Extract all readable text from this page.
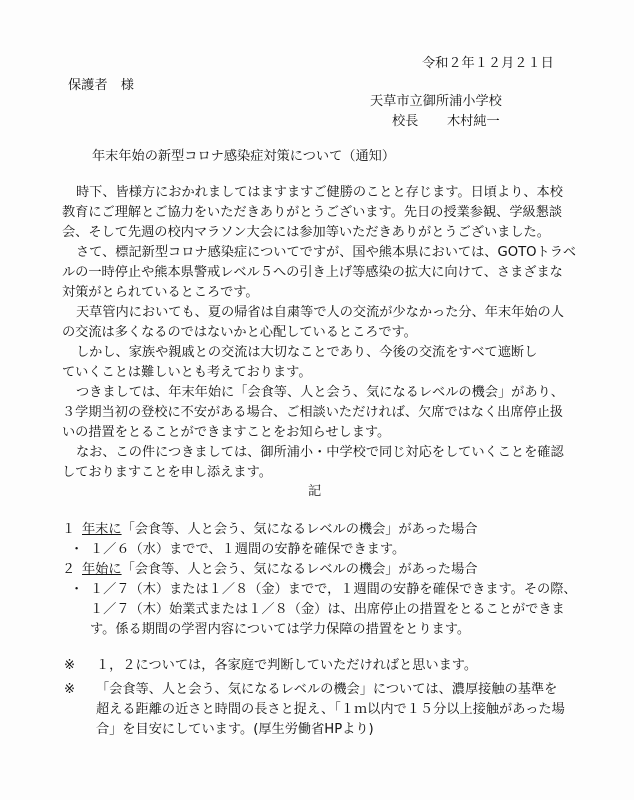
令和２年１２月２１日
保護者　様
天草市立御所浦小学校
校長 木村純一
年末年始の新型コロナ感染症対策について（通知）
時下、皆様方におかれましてはますますご健勝のことと存じます。日頃より、本校
教育にご理解とご協力をいただきありがとうございます。先日の授業参観、学級懇談
会、そして先週の校内マラソン大会には参加等いただきありがとうございました。
さて、標記新型コロナ感染症についてですが、国や熊本県においては、GOTOトラベ
ルの一時停止や熊本県警戒レベル５への引き上げ等感染の拡大に向けて、さまざまな
対策がとられているところです。
天草管内においても、夏の帰省は自粛等で人の交流が少なかった分、年末年始の人
の交流は多くなるのではないかと心配しているところです。
しかし、家族や親戚との交流は大切なことであり、今後の交流をすべて遮断し
ていくことは難しいとも考えております。
つきましては、年末年始に「会食等、人と会う、気になるレベルの機会」があり、
３学期当初の登校に不安がある場合、ご相談いただければ、欠席ではなく出席停止扱
いの措置をとることができますことをお知らせします。
なお、この件につきましては、御所浦小・中学校で同じ対応をしていくことを確認
しておりますことを申し添えます。
記
１ 年末に「会食等、人と会う、気になるレベルの機会」があった場合
・ １／６（水）までで、１週間の安静を確保できます。
２ 年始に「会食等、人と会う、気になるレベルの機会」があった場合
・ １／７（木）または１／８（金）までで，１週間の安静を確保できます。その際、
１／７（木）始業式または１／８（金）は、出席停止の措置をとることができま
す。係る期間の学習内容については学力保障の措置をとります。
※ １，２については，各家庭で判断していただければと思います。
※ 「会食等、人と会う、気になるレベルの機会」については、濃厚接触の基準を
超える距離の近さと時間の長さと捉え、「１ｍ以内で１５分以上接触があった場
合」を目安にしています。(厚生労働省HPより)
